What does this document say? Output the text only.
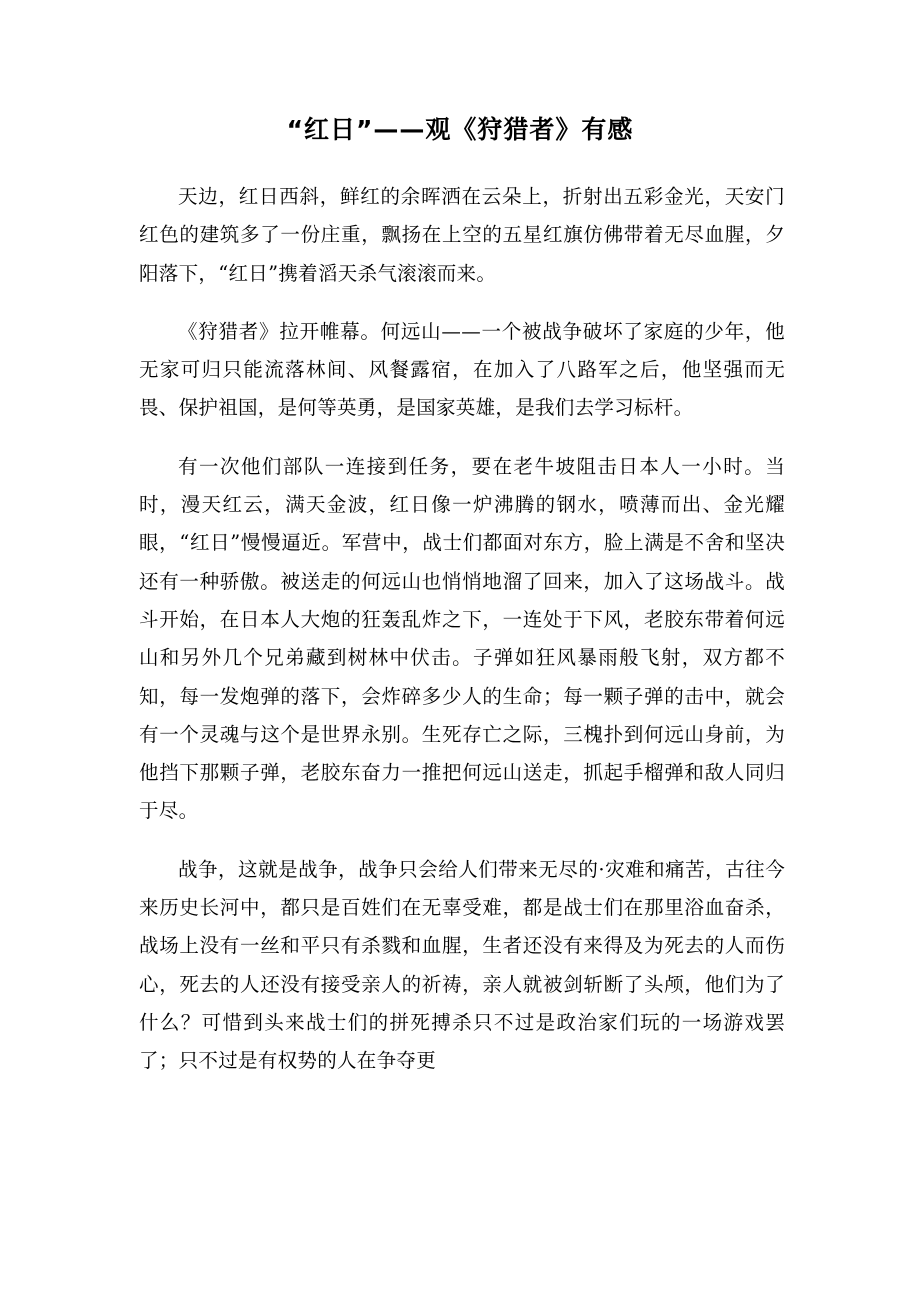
“红日”——观《狩猎者》有感

天边，红日西斜，鲜红的余晖洒在云朵上，折射出五彩金光，天安门红色的建筑多了一份庄重，飘扬在上空的五星红旗仿佛带着无尽血腥，夕阳落下，“红日”携着滔天杀气滚滚而来。

《狩猎者》拉开帷幕。何远山——一个被战争破坏了家庭的少年，他无家可归只能流落林间、风餐露宿，在加入了八路军之后，他坚强而无畏、保护祖国，是何等英勇，是国家英雄，是我们去学习标杆。

有一次他们部队一连接到任务，要在老牛坡阻击日本人一小时。当时，漫天红云，满天金波，红日像一炉沸腾的钢水，喷薄而出、金光耀眼，“红日”慢慢逼近。军营中，战士们都面对东方，脸上满是不舍和坚决还有一种骄傲。被送走的何远山也悄悄地溜了回来，加入了这场战斗。战斗开始，在日本人大炮的狂轰乱炸之下，一连处于下风，老胶东带着何远山和另外几个兄弟藏到树林中伏击。子弹如狂风暴雨般飞射，双方都不知，每一发炮弹的落下，会炸碎多少人的生命；每一颗子弹的击中，就会有一个灵魂与这个是世界永别。生死存亡之际，三槐扑到何远山身前，为他挡下那颗子弹，老胶东奋力一推把何远山送走，抓起手榴弹和敌人同归于尽。

战争，这就是战争，战争只会给人们带来无尽的·灾难和痛苦，古往今来历史长河中，都只是百姓们在无辜受难，都是战士们在那里浴血奋杀，战场上没有一丝和平只有杀戮和血腥，生者还没有来得及为死去的人而伤心，死去的人还没有接受亲人的祈祷，亲人就被剑斩断了头颅，他们为了什么？可惜到头来战士们的拼死搏杀只不过是政治家们玩的一场游戏罢了；只不过是有权势的人在争夺更
